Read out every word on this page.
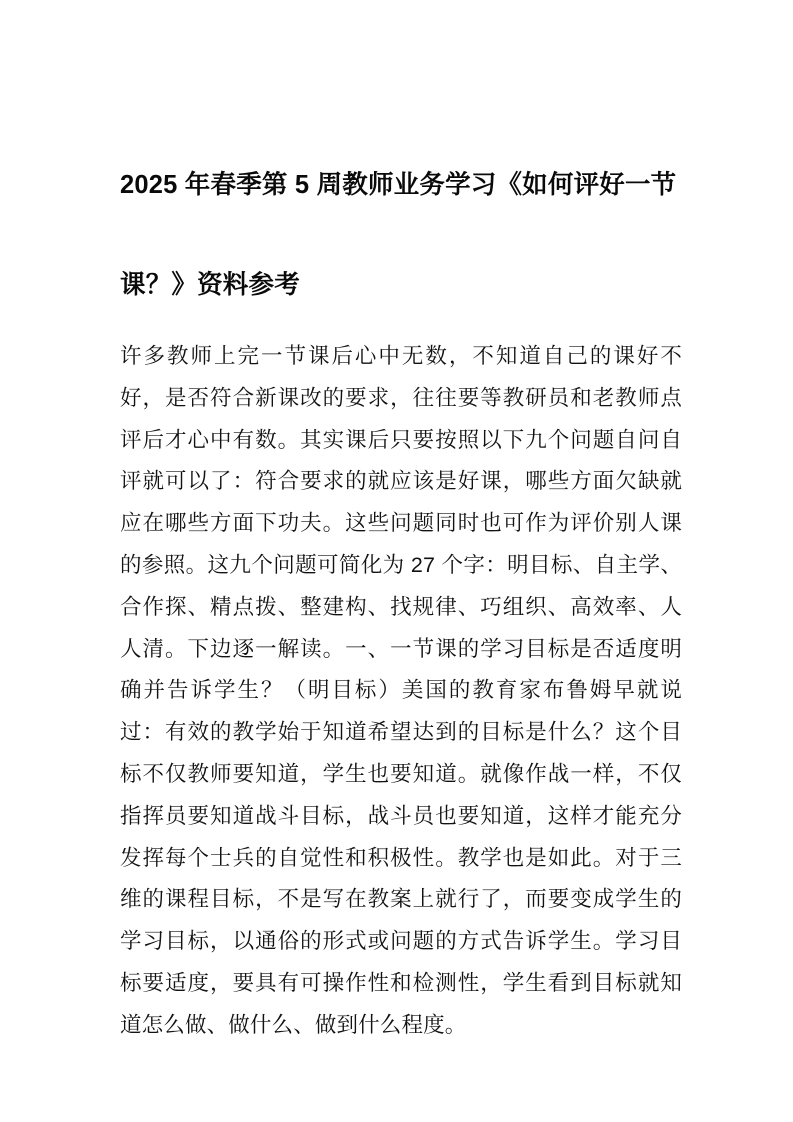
2025 年春季第 5 周教师业务学习《如何评好一节课？》资料参考
许多教师上完一节课后心中无数，不知道自己的课好不好，是否符合新课改的要求，往往要等教研员和老教师点评后才心中有数。其实课后只要按照以下九个问题自问自评就可以了：符合要求的就应该是好课，哪些方面欠缺就应在哪些方面下功夫。这些问题同时也可作为评价别人课的参照。这九个问题可简化为 27 个字：明目标、自主学、合作探、精点拨、整建构、找规律、巧组织、高效率、人人清。下边逐一解读。一、一节课的学习目标是否适度明确并告诉学生？（明目标）美国的教育家布鲁姆早就说过：有效的教学始于知道希望达到的目标是什么？这个目标不仅教师要知道，学生也要知道。就像作战一样，不仅指挥员要知道战斗目标，战斗员也要知道，这样才能充分发挥每个士兵的自觉性和积极性。教学也是如此。对于三维的课程目标，不是写在教案上就行了，而要变成学生的学习目标，以通俗的形式或问题的方式告诉学生。学习目标要适度，要具有可操作性和检测性，学生看到目标就知道怎么做、做什么、做到什么程度。
